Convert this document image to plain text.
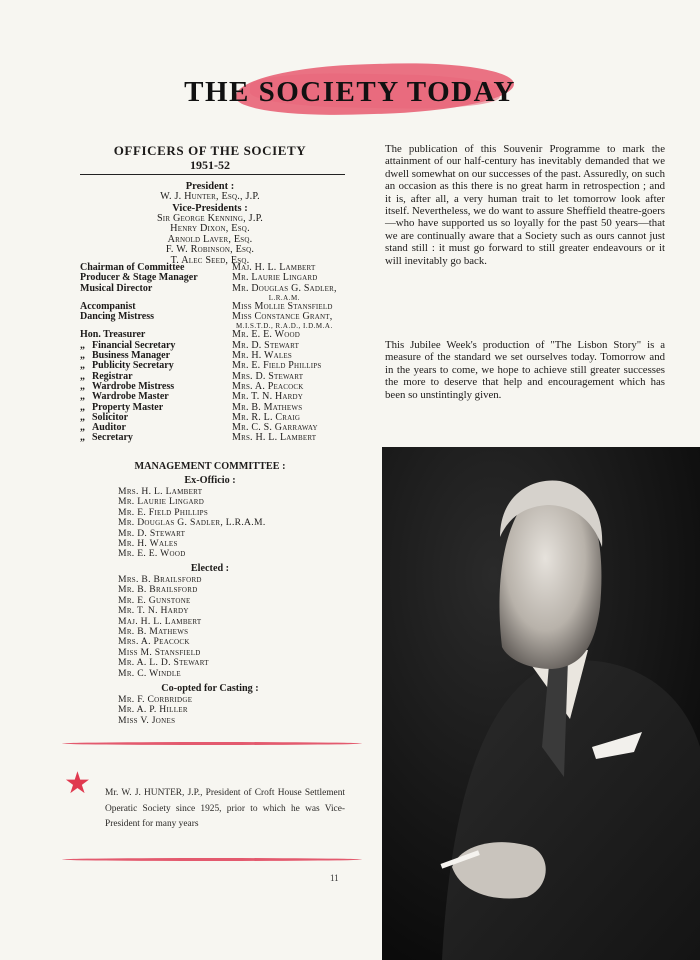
THE SOCIETY TODAY
OFFICERS OF THE SOCIETY
1951-52
President :
W. J. Hunter, Esq., J.P.
Vice-Presidents :
Sir George Kenning, J.P.
Henry Dixon, Esq.
Arnold Laver, Esq.
F. W. Robinson, Esq.
T. Alec Seed, Esq.
Chairman of Committee	Maj. H. L. Lambert

Producer & Stage Manager	Mr. Laurie Lingard

Musical Director	Mr. Douglas G. Sadler,
L.R.A.M.

Accompanist	Miss Mollie Stansfield

Dancing Mistress	Miss Constance Grant,
M.I.S.T.D., R.A.D., I.D.M.A.

Hon. Treasurer	Mr. E. E. Wood

„ Financial Secretary	Mr. D. Stewart

„ Business Manager	Mr. H. Wales

„ Publicity Secretary	Mr. E. Field Phillips

„ Registrar	Mrs. D. Stewart

„ Wardrobe Mistress	Mrs. A. Peacock

„ Wardrobe Master	Mr. T. N. Hardy

„ Property Master	Mr. B. Mathews

„ Solicitor	Mr. R. L. Craig

„ Auditor	Mr. C. S. Garraway

„ Secretary	Mrs. H. L. Lambert
MANAGEMENT COMMITTEE :
Ex-Officio :
Mrs. H. L. Lambert
Mr. Laurie Lingard
Mr. E. Field Phillips
Mr. Douglas G. Sadler, L.R.A.M.
Mr. D. Stewart
Mr. H. Wales
Mr. E. E. Wood
Elected :
Mrs. B. Brailsford
Mr. B. Brailsford
Mr. E. Gunstone
Mr. T. N. Hardy
Maj. H. L. Lambert
Mr. B. Mathews
Mrs. A. Peacock
Miss M. Stansfield
Mr. A. L. D. Stewart
Mr. C. Windle
Co-opted for Casting :
Mr. F. Corbridge
Mr. A. P. Hiller
Miss V. Jones
★ Mr. W. J. HUNTER, J.P., President of Croft House Settlement Operatic Society since 1925, prior to which he was Vice-President for many years
11
The publication of this Souvenir Programme to mark the attainment of our half-century has inevitably demanded that we dwell somewhat on our successes of the past. Assuredly, on such an occasion as this there is no great harm in retrospection ; and it is, after all, a very human trait to let tomorrow look after itself. Nevertheless, we do want to assure Sheffield theatre-goers—who have supported us so loyally for the past 50 years—that we are continually aware that a Society such as ours cannot just stand still : it must go forward to still greater endeavours or it will inevitably go back.
This Jubilee Week's production of "The Lisbon Story" is a measure of the standard we set ourselves today. Tomorrow and in the years to come, we hope to achieve still greater successes the more to deserve that help and encouragement which has been so unstintingly given.
